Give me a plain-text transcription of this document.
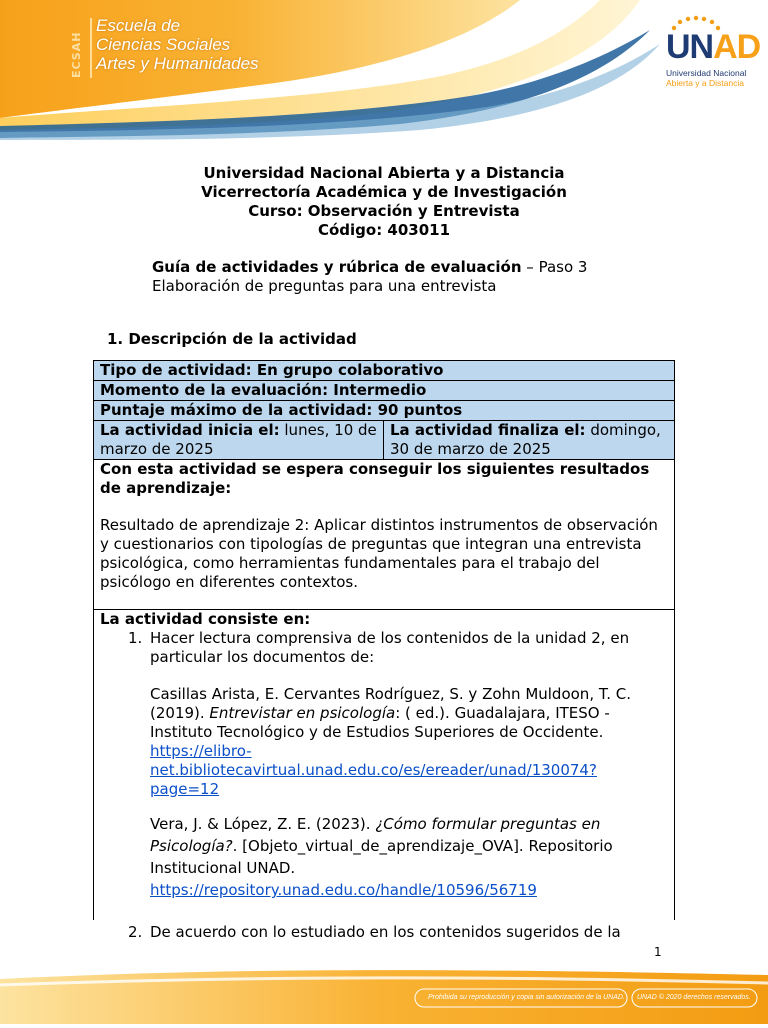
ECSAH
Escuela de
Ciencias Sociales
Artes y Humanidades	UNAD
Universidad Nacional
Abierta y a Distancia
Universidad Nacional Abierta y a Distancia
Vicerrectoría Académica y de Investigación
Curso: Observación y Entrevista
Código: 403011
Guía de actividades y rúbrica de evaluación – Paso 3
Elaboración de preguntas para una entrevista
1. Descripción de la actividad
Tipo de actividad: En grupo colaborativo
Momento de la evaluación: Intermedio
Puntaje máximo de la actividad: 90 puntos
La actividad inicia el: lunes, 10 de marzo de 2025
La actividad finaliza el: domingo, 30 de marzo de 2025

Con esta actividad se espera conseguir los siguientes resultados de aprendizaje:

Resultado de aprendizaje 2: Aplicar distintos instrumentos de observación y cuestionarios con tipologías de preguntas que integran una entrevista psicológica, como herramientas fundamentales para el trabajo del psicólogo en diferentes contextos.

La actividad consiste en:
1. Hacer lectura comprensiva de los contenidos de la unidad 2, en particular los documentos de:
Casillas Arista, E. Cervantes Rodríguez, S. y Zohn Muldoon, T. C. (2019). Entrevistar en psicología: ( ed.). Guadalajara, ITESO - Instituto Tecnológico y de Estudios Superiores de Occidente.
https://elibro-
net.bibliotecavirtual.unad.edu.co/es/ereader/unad/130074?page=12
Vera, J. & López, Z. E. (2023). ¿Cómo formular preguntas en Psicología?. [Objeto_virtual_de_aprendizaje_OVA]. Repositorio Institucional UNAD.
https://repository.unad.edu.co/handle/10596/56719
2. De acuerdo con lo estudiado en los contenidos sugeridos de la
1
Prohibida su reproducción y copia sin autorización de la UNAD. UNAD © 2020 derechos reservados.
